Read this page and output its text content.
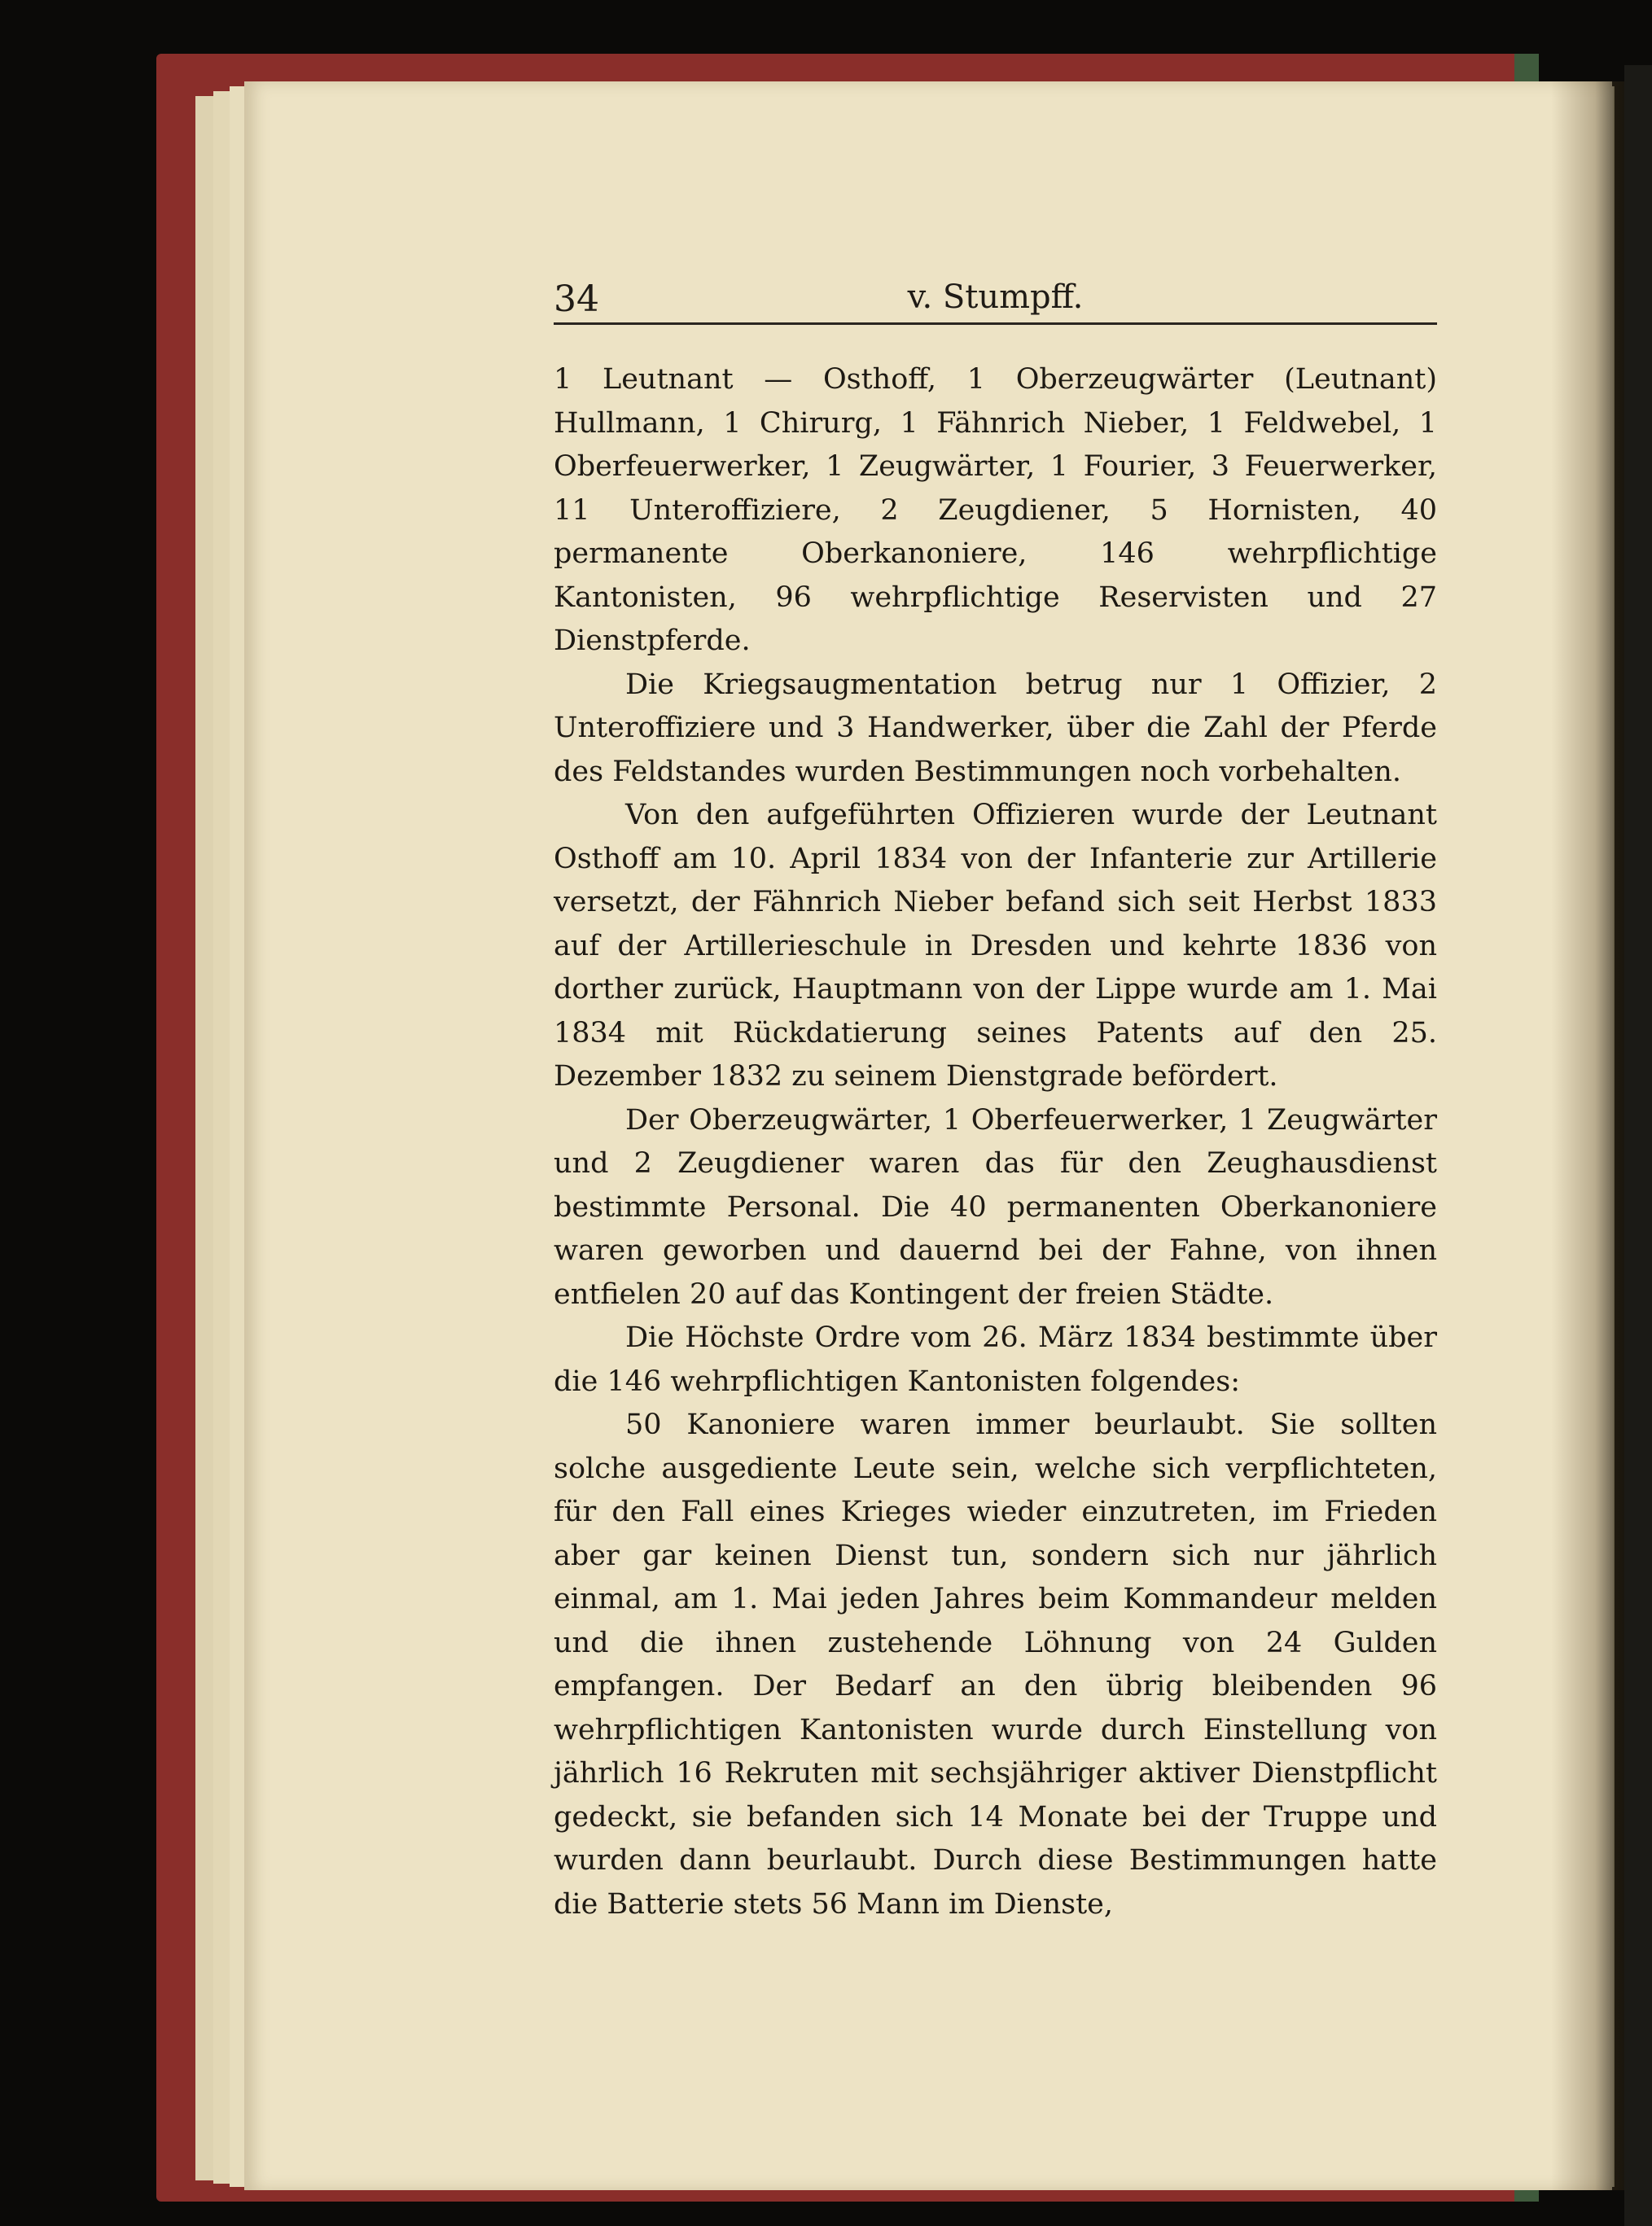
34	v. Stumpff.

1 Leutnant — Osthoff, 1 Oberzeugwärter (Leutnant) Hullmann, 1 Chirurg, 1 Fähnrich Nieber, 1 Feldwebel, 1 Oberfeuerwerker, 1 Zeugwärter, 1 Fourier, 3 Feuerwerker, 11 Unteroffiziere, 2 Zeugdiener, 5 Hornisten, 40 permanente Oberkanoniere, 146 wehrpflichtige Kantonisten, 96 wehrpflichtige Reservisten und 27 Dienstpferde.

Die Kriegsaugmentation betrug nur 1 Offizier, 2 Unteroffiziere und 3 Handwerker, über die Zahl der Pferde des Feldstandes wurden Bestimmungen noch vorbehalten.

Von den aufgeführten Offizieren wurde der Leutnant Osthoff am 10. April 1834 von der Infanterie zur Artillerie versetzt, der Fähnrich Nieber befand sich seit Herbst 1833 auf der Artillerieschule in Dresden und kehrte 1836 von dorther zurück, Hauptmann von der Lippe wurde am 1. Mai 1834 mit Rückdatierung seines Patents auf den 25. Dezember 1832 zu seinem Dienstgrade befördert.

Der Oberzeugwärter, 1 Oberfeuerwerker, 1 Zeugwärter und 2 Zeugdiener waren das für den Zeughausdienst bestimmte Personal. Die 40 permanenten Oberkanoniere waren geworben und dauernd bei der Fahne, von ihnen entfielen 20 auf das Kontingent der freien Städte.

Die Höchste Ordre vom 26. März 1834 bestimmte über die 146 wehrpflichtigen Kantonisten folgendes:

50 Kanoniere waren immer beurlaubt. Sie sollten solche ausgediente Leute sein, welche sich verpflichteten, für den Fall eines Krieges wieder einzutreten, im Frieden aber gar keinen Dienst tun, sondern sich nur jährlich einmal, am 1. Mai jeden Jahres beim Kommandeur melden und die ihnen zustehende Löhnung von 24 Gulden empfangen. Der Bedarf an den übrig bleibenden 96 wehrpflichtigen Kantonisten wurde durch Einstellung von jährlich 16 Rekruten mit sechsjähriger aktiver Dienstpflicht gedeckt, sie befanden sich 14 Monate bei der Truppe und wurden dann beurlaubt. Durch diese Bestimmungen hatte die Batterie stets 56 Mann im Dienste,
